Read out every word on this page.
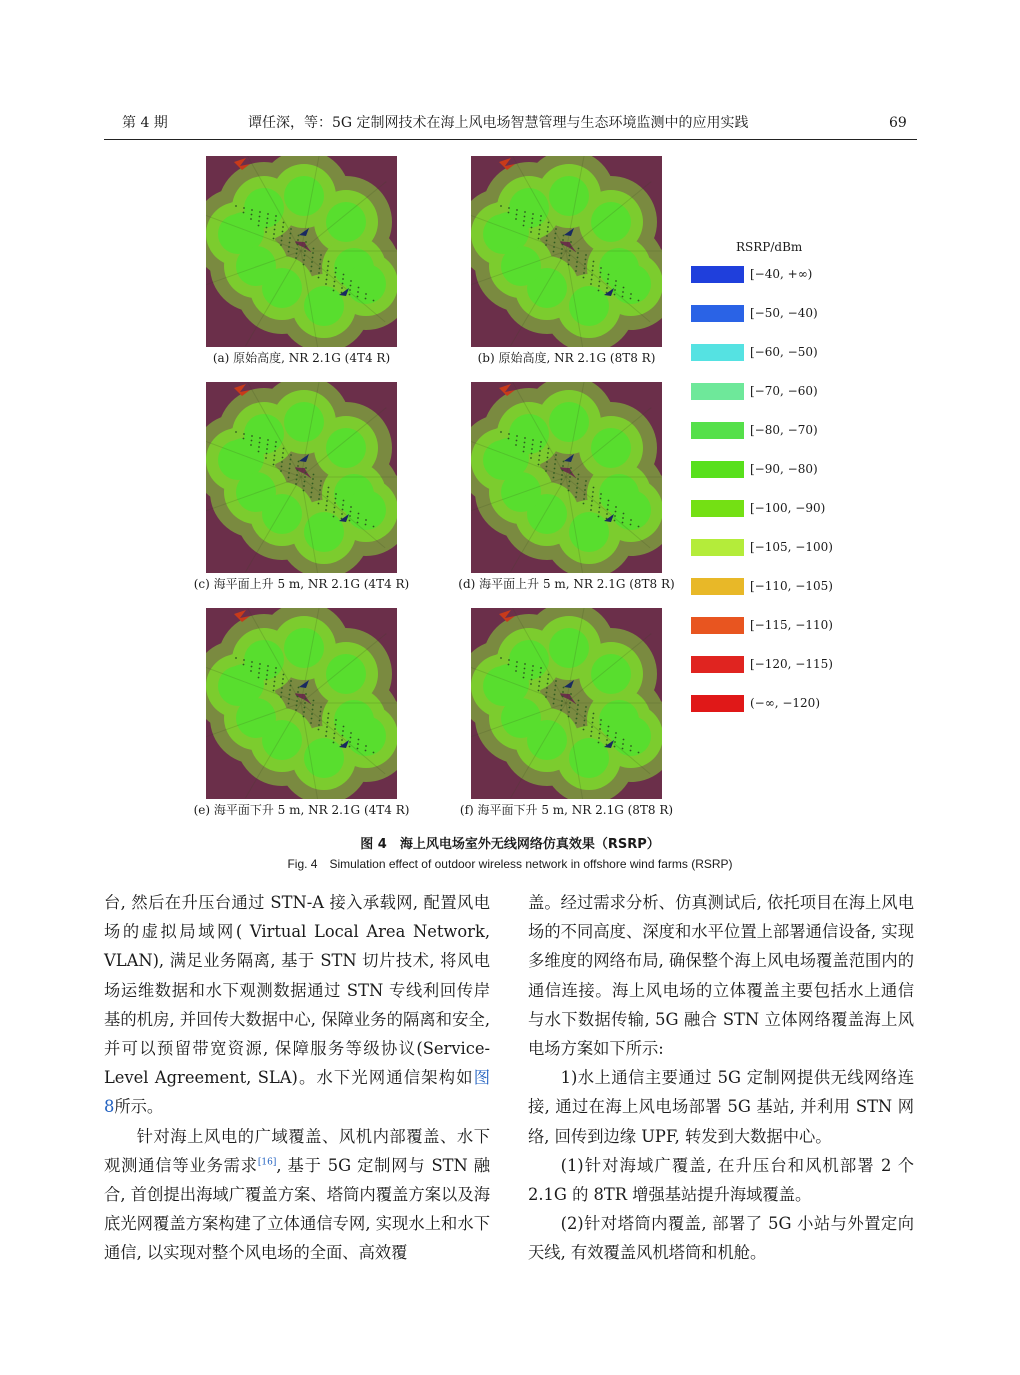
第 4 期	谭任深，等：5G 定制网技术在海上风电场智慧管理与生态环境监测中的应用实践	69
(a) 原始高度, NR 2.1G (4T4 R)	(b) 原始高度, NR 2.1G (8T8 R)
(c) 海平面上升 5 m, NR 2.1G (4T4 R)	(d) 海平面上升 5 m, NR 2.1G (8T8 R)
(e) 海平面下升 5 m, NR 2.1G (4T4 R)	(f) 海平面下升 5 m, NR 2.1G (8T8 R)
RSRP/dBm
[−40, +∞)
[−50, −40)
[−60, −50)
[−70, −60)
[−80, −70)
[−90, −80)
[−100, −90)
[−105, −100)
[−110, −105)
[−115, −110)
[−120, −115)
(−∞, −120)
图 4　海上风电场室外无线网络仿真效果（RSRP）
Fig. 4　Simulation effect of outdoor wireless network in offshore wind farms (RSRP)

台, 然后在升压台通过 STN-A 接入承载网, 配置风电场的虚拟局域网( Virtual Local Area Network, VLAN), 满足业务隔离, 基于 STN 切片技术, 将风电场运维数据和水下观测数据通过 STN 专线利回传岸基的机房, 并回传大数据中心, 保障业务的隔离和安全, 并可以预留带宽资源, 保障服务等级协议(Service-Level Agreement, SLA)。水下光网通信架构如图 8所示。

针对海上风电的广域覆盖、风机内部覆盖、水下观测通信等业务需求[16], 基于 5G 定制网与 STN 融合, 首创提出海域广覆盖方案、塔筒内覆盖方案以及海底光网覆盖方案构建了立体通信专网, 实现水上和水下通信, 以实现对整个风电场的全面、高效覆

盖。经过需求分析、仿真测试后, 依托项目在海上风电场的不同高度、深度和水平位置上部署通信设备, 实现多维度的网络布局, 确保整个海上风电场覆盖范围内的通信连接。海上风电场的立体覆盖主要包括水上通信与水下数据传输, 5G 融合 STN 立体网络覆盖海上风电场方案如下所示:

1)水上通信主要通过 5G 定制网提供无线网络连接, 通过在海上风电场部署 5G 基站, 并利用 STN 网络, 回传到边缘 UPF, 转发到大数据中心。

(1)针对海域广覆盖, 在升压台和风机部署 2 个 2.1G 的 8TR 增强基站提升海域覆盖。

(2)针对塔筒内覆盖, 部署了 5G 小站与外置定向天线, 有效覆盖风机塔筒和机舱。
